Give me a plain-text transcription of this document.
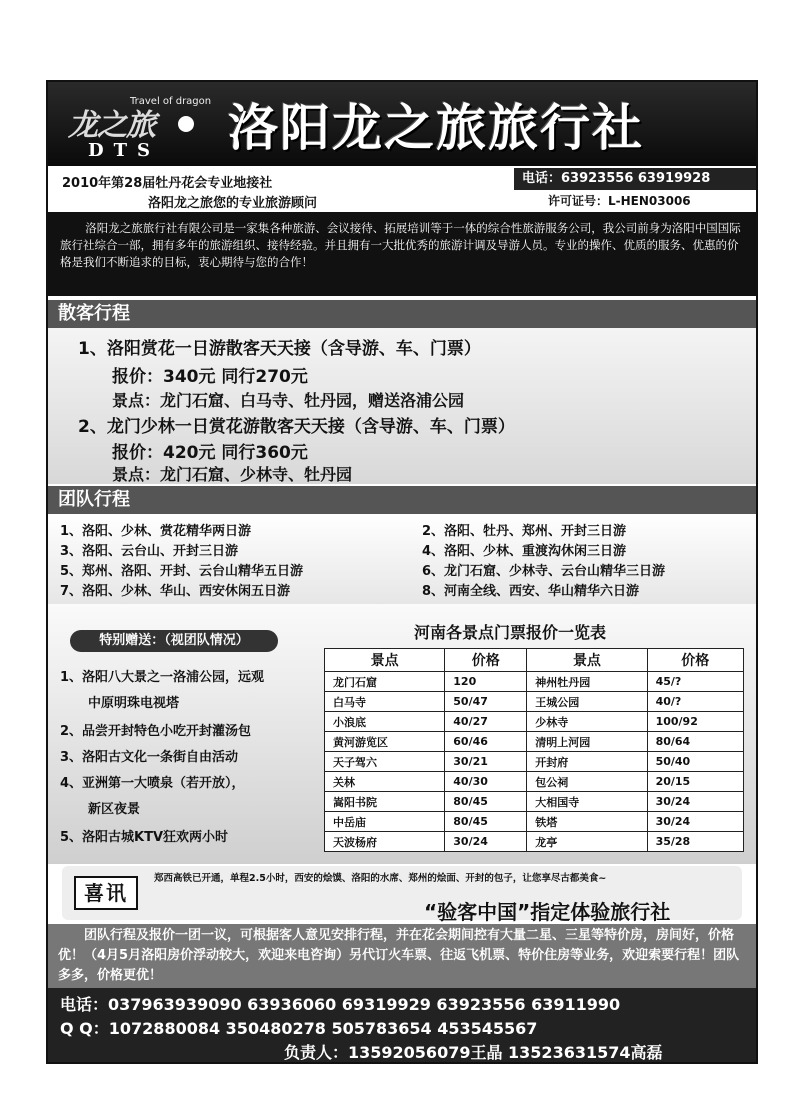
龙之旅
Travel of dragon
DTS 洛阳龙之旅旅行社
2010年第28届牡丹花会专业地接社
洛阳龙之旅您的专业旅游顾问
电话：63923556 63919928
许可证号：L-HEN03006
洛阳龙之旅旅行社有限公司是一家集各种旅游、会议接待、拓展培训等于一体的综合性旅游服务公司，我公司前身为洛阳中国国际旅行社综合一部，拥有多年的旅游组织、接待经验。并且拥有一大批优秀的旅游计调及导游人员。专业的操作、优质的服务、优惠的价格是我们不断追求的目标，衷心期待与您的合作！
散客行程
1、洛阳赏花一日游散客天天接（含导游、车、门票）
报价：340元 同行270元
景点：龙门石窟、白马寺、牡丹园，赠送洛浦公园
2、龙门少林一日赏花游散客天天接（含导游、车、门票）
报价：420元 同行360元
景点：龙门石窟、少林寺、牡丹园
团队行程
1、洛阳、少林、赏花精华两日游	2、洛阳、牡丹、郑州、开封三日游
3、洛阳、云台山、开封三日游	4、洛阳、少林、重渡沟休闲三日游
5、郑州、洛阳、开封、云台山精华五日游	6、龙门石窟、少林寺、云台山精华三日游
7、洛阳、少林、华山、西安休闲五日游	8、河南全线、西安、华山精华六日游
特别赠送：（视团队情况）
1、洛阳八大景之一洛浦公园，远观
中原明珠电视塔
2、品尝开封特色小吃开封灌汤包
3、洛阳古文化一条街自由活动
4、亚洲第一大喷泉（若开放），
新区夜景
5、洛阳古城KTV狂欢两小时
河南各景点门票报价一览表
景点	价格	景点	价格
龙门石窟	120	神州牡丹园	45/?
白马寺	50/47	王城公园	40/?
小浪底	40/27	少林寺	100/92
黄河游览区	60/46	清明上河园	80/64
天子驾六	30/21	开封府	50/40
关林	40/30	包公祠	20/15
嵩阳书院	80/45	大相国寺	30/24
中岳庙	80/45	铁塔	30/24
天波杨府	30/24	龙亭	35/28
喜讯
郑西高铁已开通，单程2.5小时，西安的烩馍、洛阳的水席、郑州的烩面、开封的包子，让您享尽古都美食~
“验客中国”指定体验旅行社
团队行程及报价一团一议，可根据客人意见安排行程，并在花会期间控有大量二星、三星等特价房，房间好，价格优！（4月5月洛阳房价浮动较大，欢迎来电咨询）另代订火车票、往返飞机票、特价住房等业务，欢迎索要行程！团队多多，价格更优！
电话：037963939090 63936060 69319929 63923556 63911990
Q Q：1072880084 350480278 505783654 453545567
负责人：13592056079王晶 13523631574高磊
